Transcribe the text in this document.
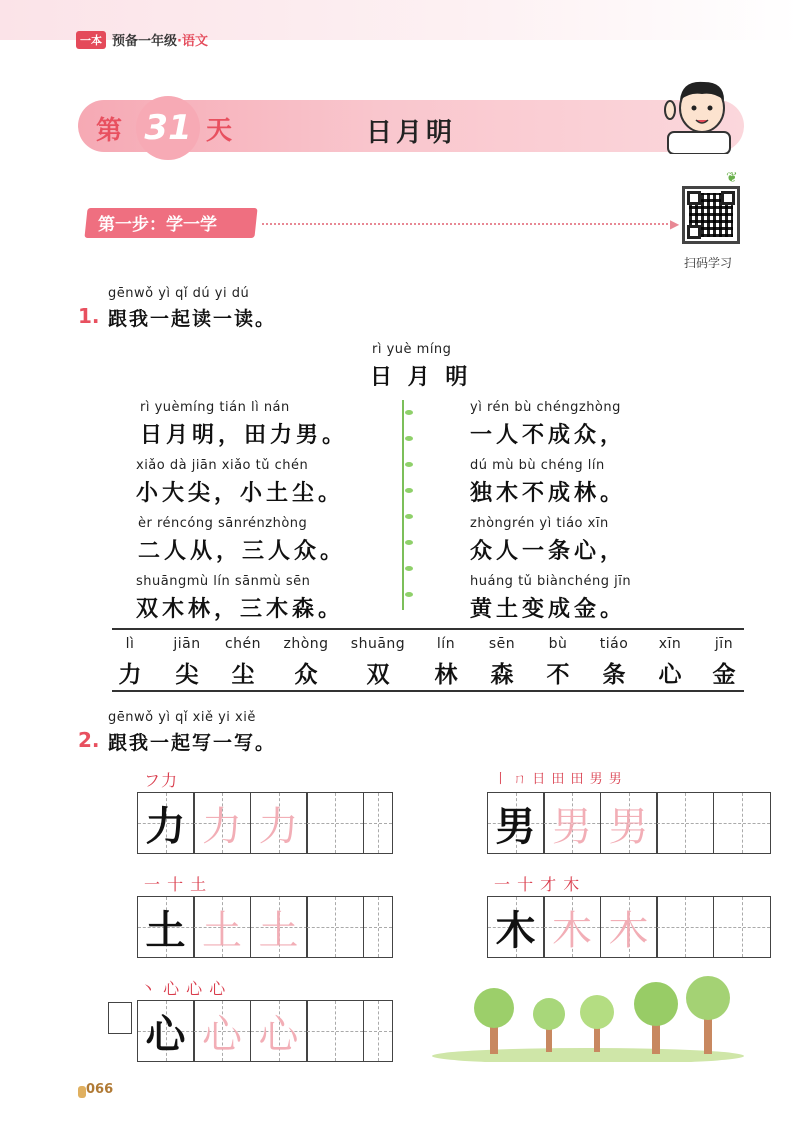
一本 预备一年级·语文
第 31 天	日月明
第一步：学一学	▶
❦
扫码学习
gēnwǒ yì qǐ dú yi dú
1. 跟我一起读一读。
rì yuè míng
日 月 明
rì yuèmíng tián lì nán
日月明，田力男。
xiǎo dà jiān xiǎo tǔ chén
小大尖，小土尘。
èr réncóng sānrénzhòng
二人从，三人众。
shuāngmù lín sānmù sēn
双木林，三木森。
yì rén bù chéngzhòng
一人不成众，
dú mù bù chéng lín
独木不成林。
zhòngrén yì tiáo xīn
众人一条心，
huáng tǔ biànchéng jīn
黄土变成金。
lì
力
jiān
尖
chén
尘
zhòng
众
shuāng
双
lín
林
sēn
森
bù
不
tiáo
条
xīn
心
jīn
金
gēnwǒ yì qǐ xiě yi xiě
2. 跟我一起写一写。
フ力
力 力 力
丨 ㄇ 日 田 田 男 男
男 男 男
一 十 土
土 土 土
一 十 才 木
木 木 木
丶 心 心 心
心 心 心
066
